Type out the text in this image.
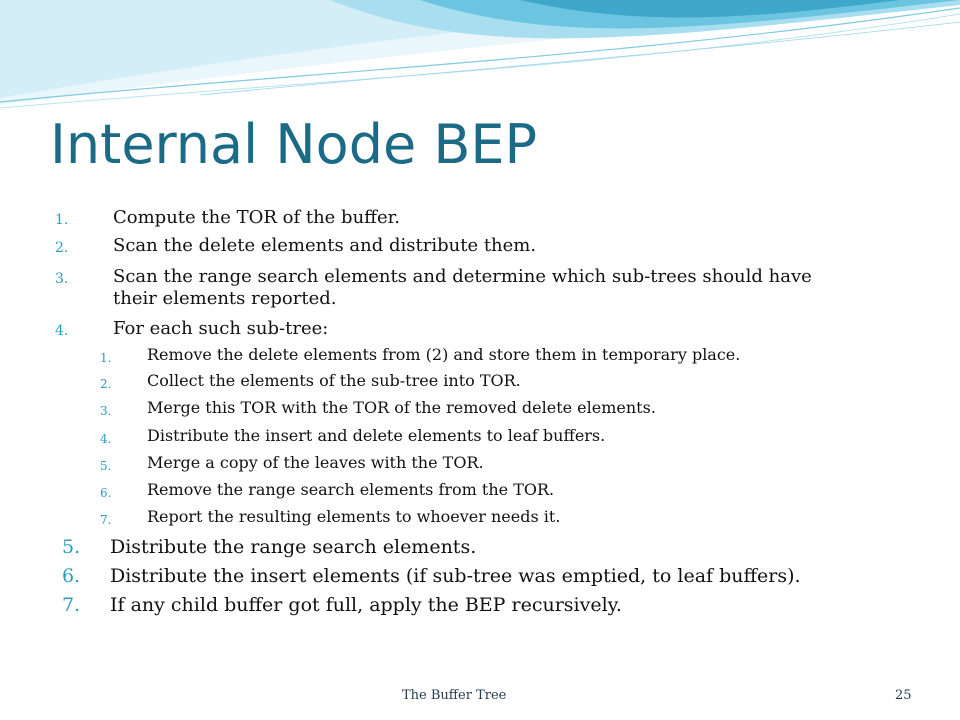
Internal Node BEP
1. Compute the TOR of the buffer.
2. Scan the delete elements and distribute them.
3. Scan the range search elements and determine which sub-trees should have
their elements reported.
4. For each such sub-tree:
1. Remove the delete elements from (2) and store them in temporary place.
2. Collect the elements of the sub-tree into TOR.
3. Merge this TOR with the TOR of the removed delete elements.
4. Distribute the insert and delete elements to leaf buffers.
5. Merge a copy of the leaves with the TOR.
6. Remove the range search elements from the TOR.
7. Report the resulting elements to whoever needs it.
5. Distribute the range search elements.
6. Distribute the insert elements (if sub-tree was emptied, to leaf buffers).
7. If any child buffer got full, apply the BEP recursively.
The Buffer Tree	25
